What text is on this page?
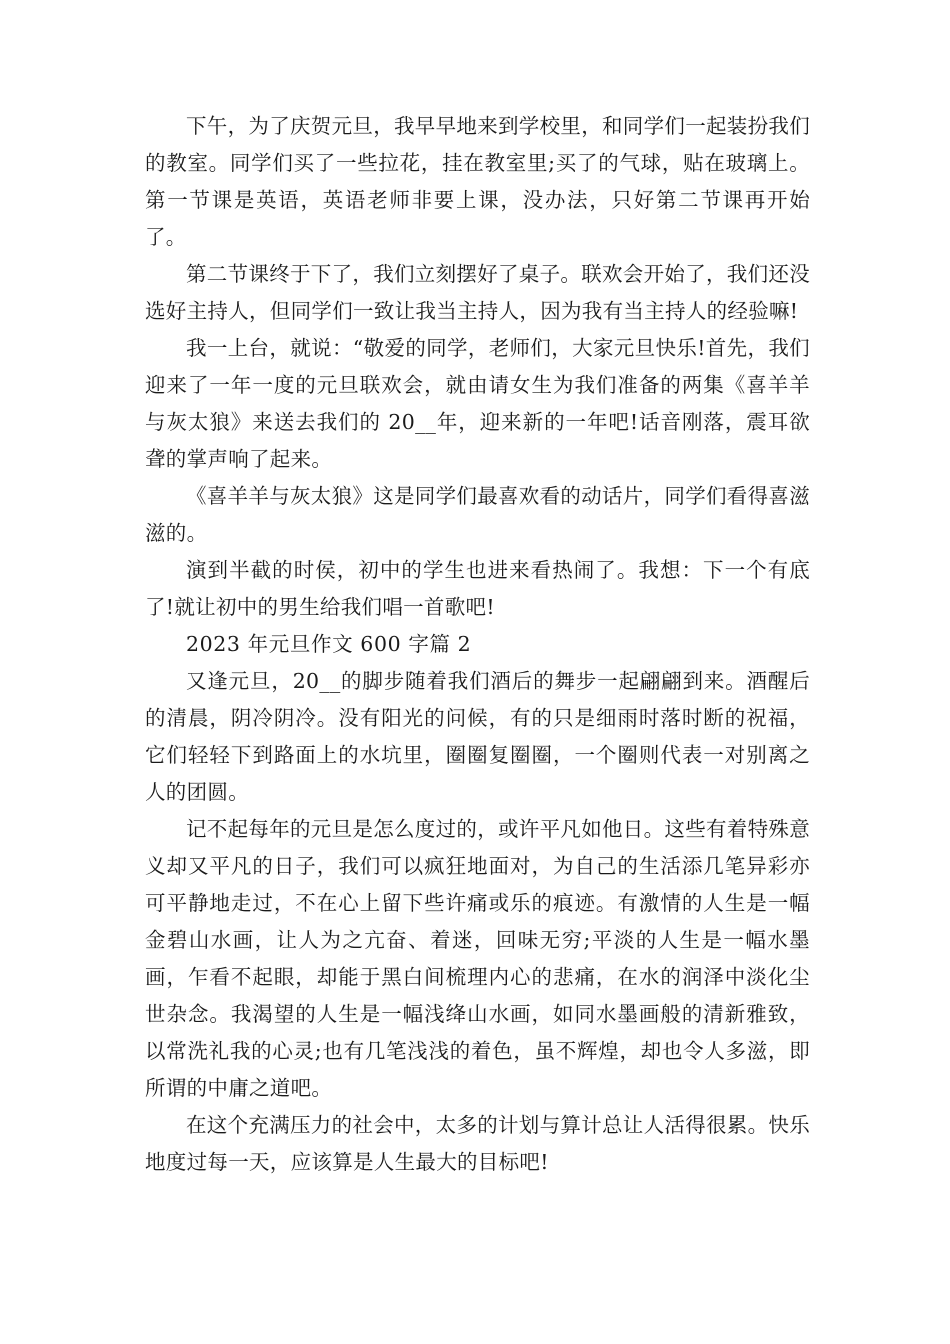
下午，为了庆贺元旦，我早早地来到学校里，和同学们一起装扮我们的教室。同学们买了一些拉花，挂在教室里;买了的气球，贴在玻璃上。第一节课是英语，英语老师非要上课，没办法，只好第二节课再开始了。

第二节课终于下了，我们立刻摆好了桌子。联欢会开始了，我们还没选好主持人，但同学们一致让我当主持人，因为我有当主持人的经验嘛!

我一上台，就说：“敬爱的同学，老师们，大家元旦快乐!首先，我们迎来了一年一度的元旦联欢会，就由请女生为我们准备的两集《喜羊羊与灰太狼》来送去我们的 20__年，迎来新的一年吧!话音刚落，震耳欲聋的掌声响了起来。

《喜羊羊与灰太狼》这是同学们最喜欢看的动话片，同学们看得喜滋滋的。

演到半截的时侯，初中的学生也进来看热闹了。我想：下一个有底了!就让初中的男生给我们唱一首歌吧!

2023 年元旦作文 600 字篇 2

又逢元旦，20__的脚步随着我们酒后的舞步一起翩翩到来。酒醒后的清晨，阴冷阴冷。没有阳光的问候，有的只是细雨时落时断的祝福，它们轻轻下到路面上的水坑里，圈圈复圈圈，一个圈则代表一对别离之人的团圆。

记不起每年的元旦是怎么度过的，或许平凡如他日。这些有着特殊意义却又平凡的日子，我们可以疯狂地面对，为自己的生活添几笔异彩亦可平静地走过，不在心上留下些许痛或乐的痕迹。有激情的人生是一幅金碧山水画，让人为之亢奋、着迷，回味无穷;平淡的人生是一幅水墨画，乍看不起眼，却能于黑白间梳理内心的悲痛，在水的润泽中淡化尘世杂念。我渴望的人生是一幅浅绛山水画，如同水墨画般的清新雅致，以常洗礼我的心灵;也有几笔浅浅的着色，虽不辉煌，却也令人多滋，即所谓的中庸之道吧。

在这个充满压力的社会中，太多的计划与算计总让人活得很累。快乐地度过每一天，应该算是人生最大的目标吧!
